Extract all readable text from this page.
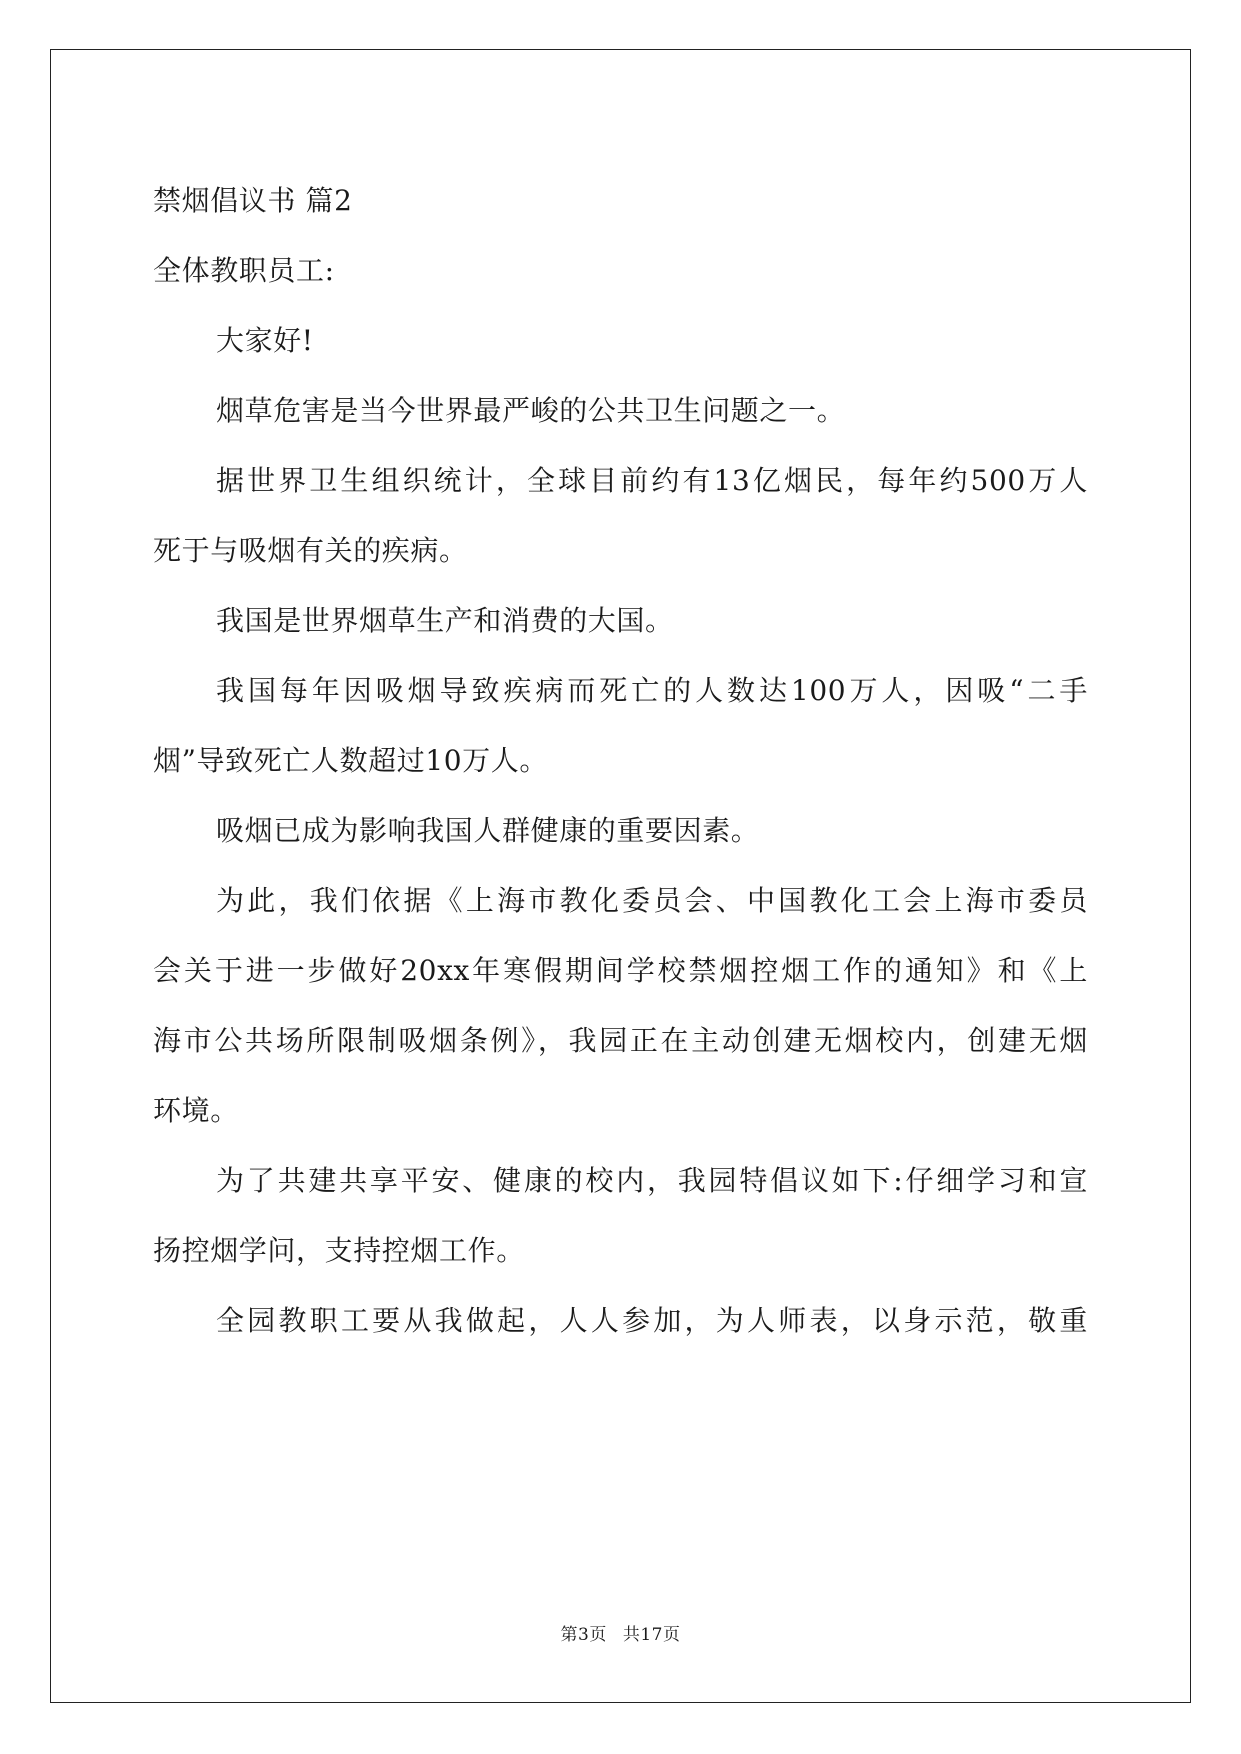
禁烟倡议书 篇2
全体教职员工:
大家好!
烟草危害是当今世界最严峻的公共卫生问题之一。
据世界卫生组织统计，全球目前约有13亿烟民，每年约500万人
死于与吸烟有关的疾病。
我国是世界烟草生产和消费的大国。
我国每年因吸烟导致疾病而死亡的人数达100万人，因吸“二手
烟”导致死亡人数超过10万人。
吸烟已成为影响我国人群健康的重要因素。
为此，我们依据《上海市教化委员会、中国教化工会上海市委员
会关于进一步做好20xx年寒假期间学校禁烟控烟工作的通知》和《上
海市公共场所限制吸烟条例》，我园正在主动创建无烟校内，创建无烟
环境。
为了共建共享平安、健康的校内，我园特倡议如下:仔细学习和宣
扬控烟学问，支持控烟工作。
全园教职工要从我做起，人人参加，为人师表，以身示范，敬重
第3页 共17页
